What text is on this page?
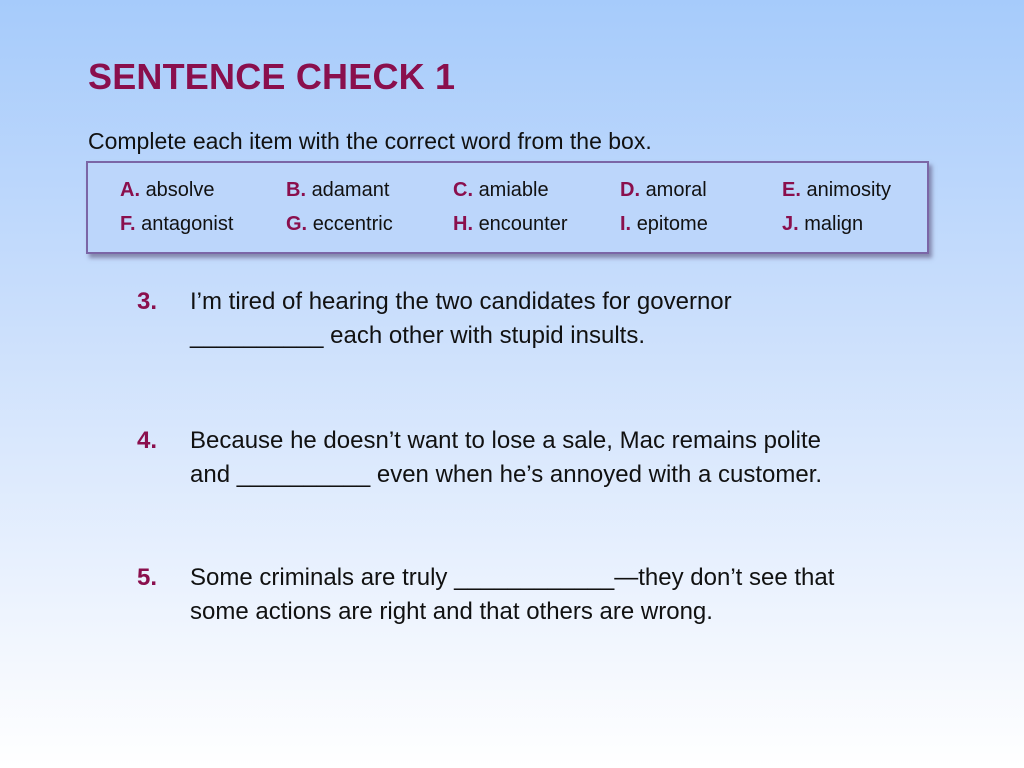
SENTENCE CHECK 1
Complete each item with the correct word from the box.
A. absolve	B. adamant	C. amiable	D. amoral	E. animosity
F. antagonist	G. eccentric	H. encounter	I. epitome	J. malign
3. I’m tired of hearing the two candidates for governor
__________ each other with stupid insults.
4. Because he doesn’t want to lose a sale, Mac remains polite
and __________ even when he’s annoyed with a customer.
5. Some criminals are truly ____________—they don’t see that
some actions are right and that others are wrong.
